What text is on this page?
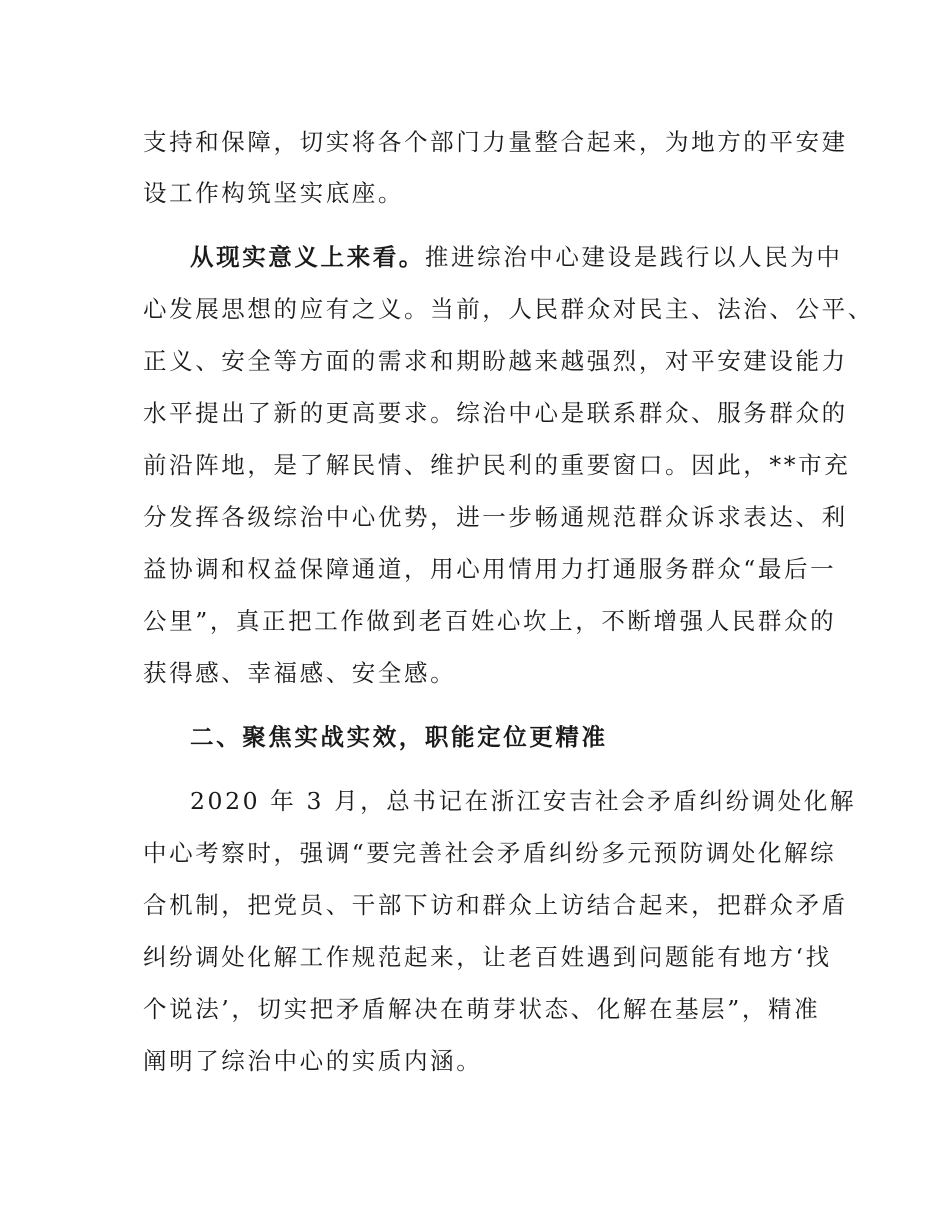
支持和保障，切实将各个部门力量整合起来，为地方的平安建
设工作构筑坚实底座。
从现实意义上来看。推进综治中心建设是践行以人民为中
心发展思想的应有之义。当前，人民群众对民主、法治、公平、
正义、安全等方面的需求和期盼越来越强烈，对平安建设能力
水平提出了新的更高要求。综治中心是联系群众、服务群众的
前沿阵地，是了解民情、维护民利的重要窗口。因此，**市充
分发挥各级综治中心优势，进一步畅通规范群众诉求表达、利
益协调和权益保障通道，用心用情用力打通服务群众“最后一
公里”，真正把工作做到老百姓心坎上，不断增强人民群众的
获得感、幸福感、安全感。
二、聚焦实战实效，职能定位更精准
2020 年 3 月，总书记在浙江安吉社会矛盾纠纷调处化解
中心考察时，强调“要完善社会矛盾纠纷多元预防调处化解综
合机制，把党员、干部下访和群众上访结合起来，把群众矛盾
纠纷调处化解工作规范起来，让老百姓遇到问题能有地方‘找
个说法’，切实把矛盾解决在萌芽状态、化解在基层”，精准
阐明了综治中心的实质内涵。
